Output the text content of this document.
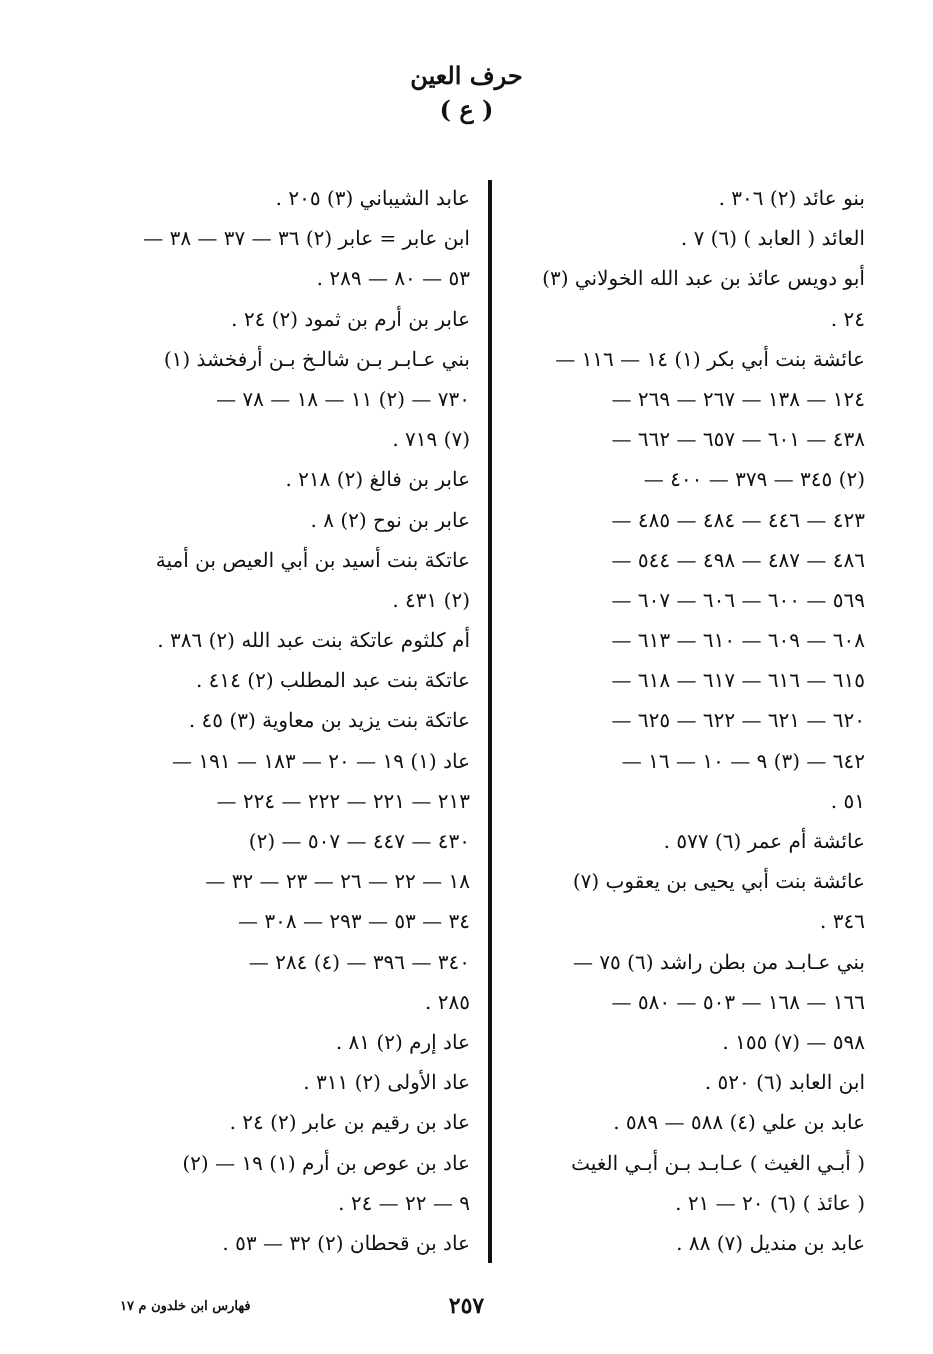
حرف العين
( ع )
بنو عائد (٢) ٣٠٦ .
العائد ( العابد ) (٦) ٧ .
أبو دويس عائذ بن عبد الله الخولاني (٣)
٢٤ .
عائشة بنت أبي بكر (١) ١٤ — ١١٦ —
١٢٤ — ١٣٨ — ٢٦٧ — ٢٦٩ —
٤٣٨ — ٦٠١ — ٦٥٧ — ٦٦٢ —
(٢) ٣٤٥ — ٣٧٩ — ٤٠٠ —
٤٢٣ — ٤٤٦ — ٤٨٤ — ٤٨٥ —
٤٨٦ — ٤٨٧ — ٤٩٨ — ٥٤٤ —
٥٦٩ — ٦٠٠ — ٦٠٦ — ٦٠٧ —
٦٠٨ — ٦٠٩ — ٦١٠ — ٦١٣ —
٦١٥ — ٦١٦ — ٦١٧ — ٦١٨ —
٦٢٠ — ٦٢١ — ٦٢٢ — ٦٢٥ —
٦٤٢ — (٣) ٩ — ١٠ — ١٦ —
٥١ .
عائشة أم عمر (٦) ٥٧٧ .
عائشة بنت أبي يحيى بن يعقوب (٧)
٣٤٦ .
بني عـابـد من بطن راشد (٦) ٧٥ —
١٦٦ — ١٦٨ — ٥٠٣ — ٥٨٠ —
٥٩٨ — (٧) ١٥٥ .
ابن العابد (٦) ٥٢٠ .
عابد بن علي (٤) ٥٨٨ — ٥٨٩ .
( أبـي الغيث ) عـابـد بـن أبـي الغيث
( عائذ ) (٦) ٢٠ — ٢١ .
عابد بن منديل (٧) ٨٨ .
عابد الشيباني (٣) ٢٠٥ .
ابن عابر = عابر (٢) ٣٦ — ٣٧ — ٣٨ —
٥٣ — ٨٠ — ٢٨٩ .
عابر بن أرم بن ثمود (٢) ٢٤ .
بني عـابـر بـن شالـخ بـن أرفخشذ (١)
٧٣٠ — (٢) ١١ — ١٨ — ٧٨ —
(٧) ٧١٩ .
عابر بن فالغ (٢) ٢١٨ .
عابر بن نوح (٢) ٨ .
عاتكة بنت أسيد بن أبي العيص بن أمية
(٢) ٤٣١ .
أم كلثوم عاتكة بنت عبد الله (٢) ٣٨٦ .
عاتكة بنت عبد المطلب (٢) ٤١٤ .
عاتكة بنت يزيد بن معاوية (٣) ٤٥ .
عاد (١) ١٩ — ٢٠ — ١٨٣ — ١٩١ —
٢١٣ — ٢٢١ — ٢٢٢ — ٢٢٤ —
٤٣٠ — ٤٤٧ — ٥٠٧ — (٢)
١٨ — ٢٢ — ٢٦ — ٢٣ — ٣٢ —
٣٤ — ٥٣ — ٢٩٣ — ٣٠٨ —
٣٤٠ — ٣٩٦ — (٤) ٢٨٤ —
٢٨٥ .
عاد إرم (٢) ٨١ .
عاد الأولى (٢) ٣١١ .
عاد بن رقيم بن عابر (٢) ٢٤ .
عاد بن عوص بن أرم (١) ١٩ — (٢)
٩ — ٢٢ — ٢٤ .
عاد بن قحطان (٢) ٣٢ — ٥٣ .
٢٥٧
فهارس ابن خلدون م ١٧
